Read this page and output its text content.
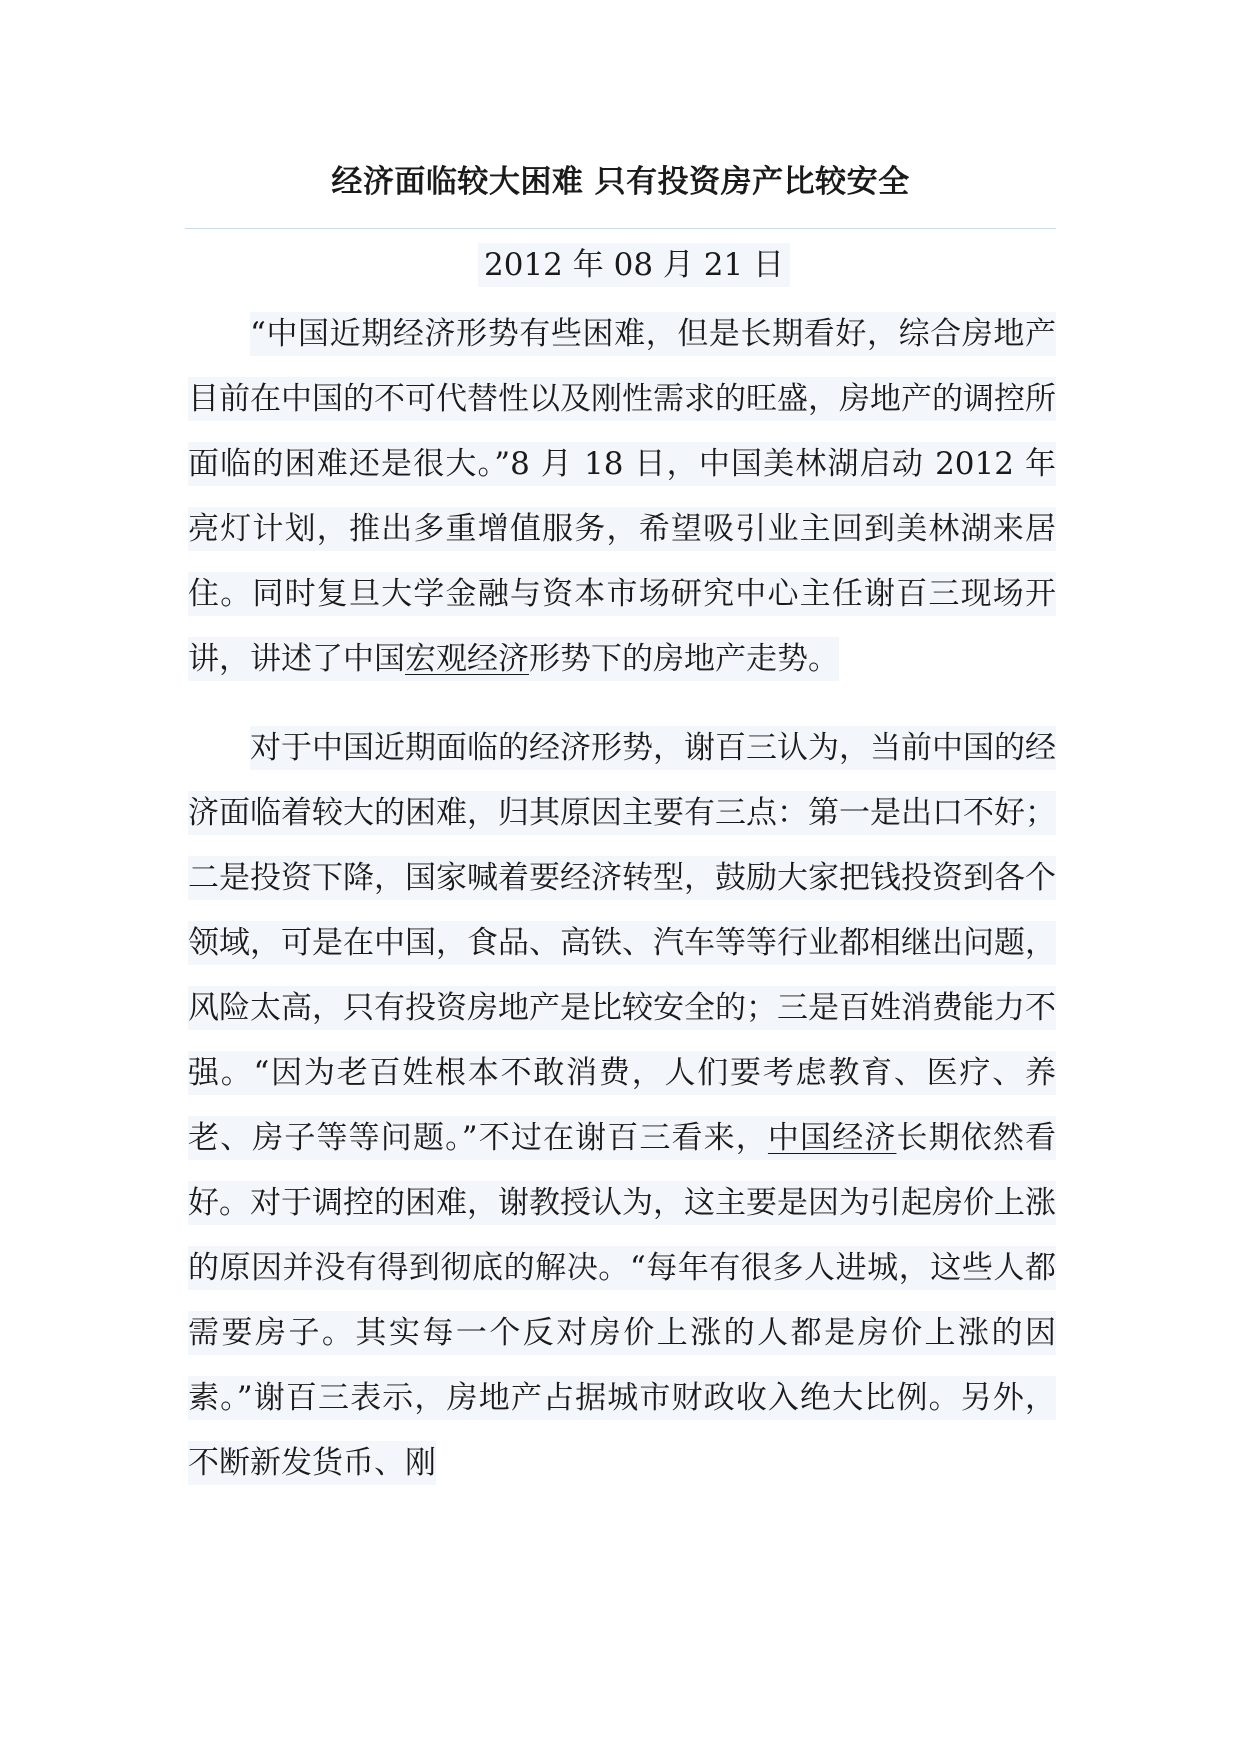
经济面临较大困难 只有投资房产比较安全
2012 年 08 月 21 日

“中国近期经济形势有些困难，但是长期看好，综合房地产目前在中国的不可代替性以及刚性需求的旺盛，房地产的调控所面临的困难还是很大。”8 月 18 日，中国美林湖启动 2012 年亮灯计划，推出多重增值服务，希望吸引业主回到美林湖来居住。同时复旦大学金融与资本市场研究中心主任谢百三现场开讲，讲述了中国宏观经济形势下的房地产走势。

对于中国近期面临的经济形势，谢百三认为，当前中国的经济面临着较大的困难，归其原因主要有三点：第一是出口不好；二是投资下降，国家喊着要经济转型，鼓励大家把钱投资到各个领域，可是在中国，食品、高铁、汽车等等行业都相继出问题，风险太高，只有投资房地产是比较安全的；三是百姓消费能力不强。“因为老百姓根本不敢消费，人们要考虑教育、医疗、养老、房子等等问题。”不过在谢百三看来，中国经济长期依然看好。对于调控的困难，谢教授认为，这主要是因为引起房价上涨的原因并没有得到彻底的解决。“每年有很多人进城，这些人都需要房子。其实每一个反对房价上涨的人都是房价上涨的因素。”谢百三表示，房地产占据城市财政收入绝大比例。另外，不断新发货币、刚
